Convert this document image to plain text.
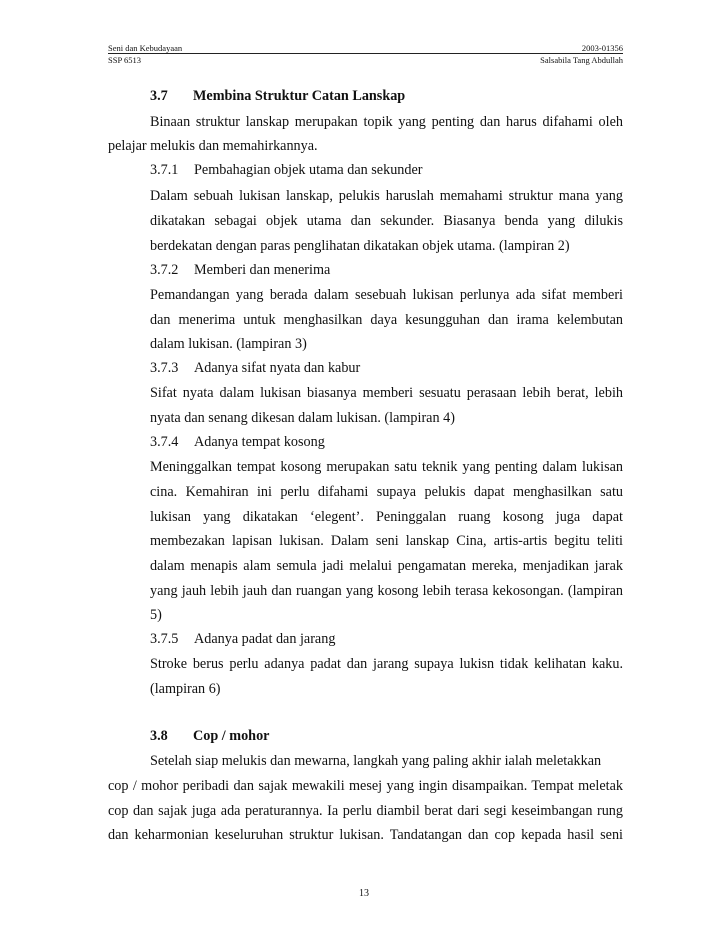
Seni dan Kebudayaan	2003-01356
SSP 6513	Salsabila Tang Abdullah
3.7 Membina Struktur Catan Lanskap
Binaan struktur lanskap merupakan topik yang penting dan harus difahami oleh
pelajar melukis dan memahirkannya.
3.7.1 Pembahagian objek utama dan sekunder
Dalam sebuah lukisan lanskap, pelukis haruslah memahami struktur mana yang
dikatakan sebagai objek utama dan sekunder. Biasanya benda yang dilukis
berdekatan dengan paras penglihatan dikatakan objek utama. (lampiran 2)
3.7.2 Memberi dan menerima
Pemandangan yang berada dalam sesebuah lukisan perlunya ada sifat memberi
dan menerima untuk menghasilkan daya kesungguhan dan irama kelembutan
dalam lukisan. (lampiran 3)
3.7.3 Adanya sifat nyata dan kabur
Sifat nyata dalam lukisan biasanya memberi sesuatu perasaan lebih berat, lebih
nyata dan senang dikesan dalam lukisan. (lampiran 4)
3.7.4 Adanya tempat kosong
Meninggalkan tempat kosong merupakan satu teknik yang penting dalam lukisan
cina. Kemahiran ini perlu difahami supaya pelukis dapat menghasilkan satu
lukisan yang dikatakan ‘elegent’. Peninggalan ruang kosong juga dapat
membezakan lapisan lukisan. Dalam seni lanskap Cina, artis-artis begitu teliti
dalam menapis alam semula jadi melalui pengamatan mereka, menjadikan jarak
yang jauh lebih jauh dan ruangan yang kosong lebih terasa kekosongan. (lampiran
5)
3.7.5 Adanya padat dan jarang
Stroke berus perlu adanya padat dan jarang supaya lukisn tidak kelihatan kaku.
(lampiran 6)
3.8 Cop / mohor
Setelah siap melukis dan mewarna, langkah yang paling akhir ialah meletakkan
cop / mohor peribadi dan sajak mewakili mesej yang ingin disampaikan. Tempat meletak
cop dan sajak juga ada peraturannya. Ia perlu diambil berat dari segi keseimbangan rung
dan keharmonian keseluruhan struktur lukisan. Tandatangan dan cop kepada hasil seni
13
